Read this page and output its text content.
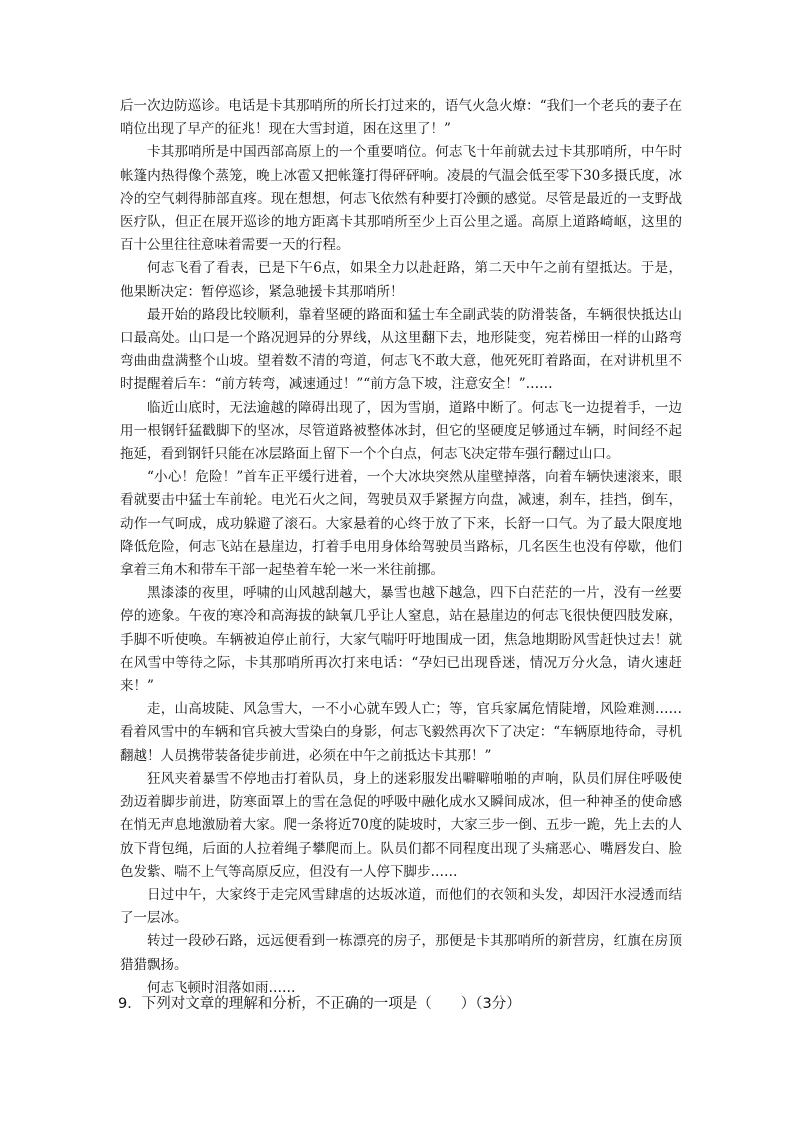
后一次边防巡诊。电话是卡其那哨所的所长打过来的，语气火急火燎：“我们一个老兵的妻子在哨位出现了早产的征兆！现在大雪封道，困在这里了！”

卡其那哨所是中国西部高原上的一个重要哨位。何志飞十年前就去过卡其那哨所，中午时帐篷内热得像个蒸笼，晚上冰雹又把帐篷打得砰砰响。凌晨的气温会低至零下30多摄氏度，冰冷的空气刺得肺部直疼。现在想想，何志飞依然有种要打冷颤的感觉。尽管是最近的一支野战医疗队，但正在展开巡诊的地方距离卡其那哨所至少上百公里之遥。高原上道路崎岖，这里的百十公里往往意味着需要一天的行程。

何志飞看了看表，已是下午6点，如果全力以赴赶路，第二天中午之前有望抵达。于是，他果断决定：暂停巡诊，紧急驰援卡其那哨所！

最开始的路段比较顺利，靠着坚硬的路面和猛士车全副武装的防滑装备，车辆很快抵达山口最高处。山口是一个路况迥异的分界线，从这里翻下去，地形陡变，宛若梯田一样的山路弯弯曲曲盘满整个山坡。望着数不清的弯道，何志飞不敢大意，他死死盯着路面，在对讲机里不时提醒着后车：“前方转弯，减速通过！”“前方急下坡，注意安全！”……

临近山底时，无法逾越的障碍出现了，因为雪崩，道路中断了。何志飞一边提着手，一边用一根钢钎猛戳脚下的坚冰，尽管道路被整体冰封，但它的坚硬度足够通过车辆，时间经不起拖延，看到钢钎只能在冰层路面上留下一个个白点，何志飞决定带车强行翻过山口。

“小心！危险！”首车正平缓行进着，一个大冰块突然从崖壁掉落，向着车辆快速滚来，眼看就要击中猛士车前轮。电光石火之间，驾驶员双手紧握方向盘，减速，刹车，挂挡，倒车，动作一气呵成，成功躲避了滚石。大家悬着的心终于放了下来，长舒一口气。为了最大限度地降低危险，何志飞站在悬崖边，打着手电用身体给驾驶员当路标，几名医生也没有停歇，他们拿着三角木和带车干部一起垫着车轮一米一米往前挪。

黑漆漆的夜里，呼啸的山风越刮越大，暴雪也越下越急，四下白茫茫的一片，没有一丝要停的迹象。午夜的寒冷和高海拔的缺氧几乎让人窒息，站在悬崖边的何志飞很快便四肢发麻，手脚不听使唤。车辆被迫停止前行，大家气喘吁吁地围成一团，焦急地期盼风雪赶快过去！就在风雪中等待之际，卡其那哨所再次打来电话：“孕妇已出现昏迷，情况万分火急，请火速赶来！”

走，山高坡陡、风急雪大，一不小心就车毁人亡；等，官兵家属危情陡增，风险难测……看着风雪中的车辆和官兵被大雪染白的身影，何志飞毅然再次下了决定：“车辆原地待命，寻机翻越！人员携带装备徒步前进，必须在中午之前抵达卡其那！”

狂风夹着暴雪不停地击打着队员，身上的迷彩服发出噼噼啪啪的声响，队员们屏住呼吸使劲迈着脚步前进，防寒面罩上的雪在急促的呼吸中融化成水又瞬间成冰，但一种神圣的使命感在悄无声息地激励着大家。爬一条将近70度的陡坡时，大家三步一倒、五步一跪，先上去的人放下背包绳，后面的人拉着绳子攀爬而上。队员们都不同程度出现了头痛恶心、嘴唇发白、脸色发紫、喘不上气等高原反应，但没有一人停下脚步……

日过中午，大家终于走完风雪肆虐的达坂冰道，而他们的衣领和头发，却因汗水浸透而结了一层冰。

转过一段砂石路，远远便看到一栋漂亮的房子，那便是卡其那哨所的新营房，红旗在房顶猎猎飘扬。

何志飞顿时泪落如雨……

9．下列对文章的理解和分析，不正确的一项是（　　）（3分）
